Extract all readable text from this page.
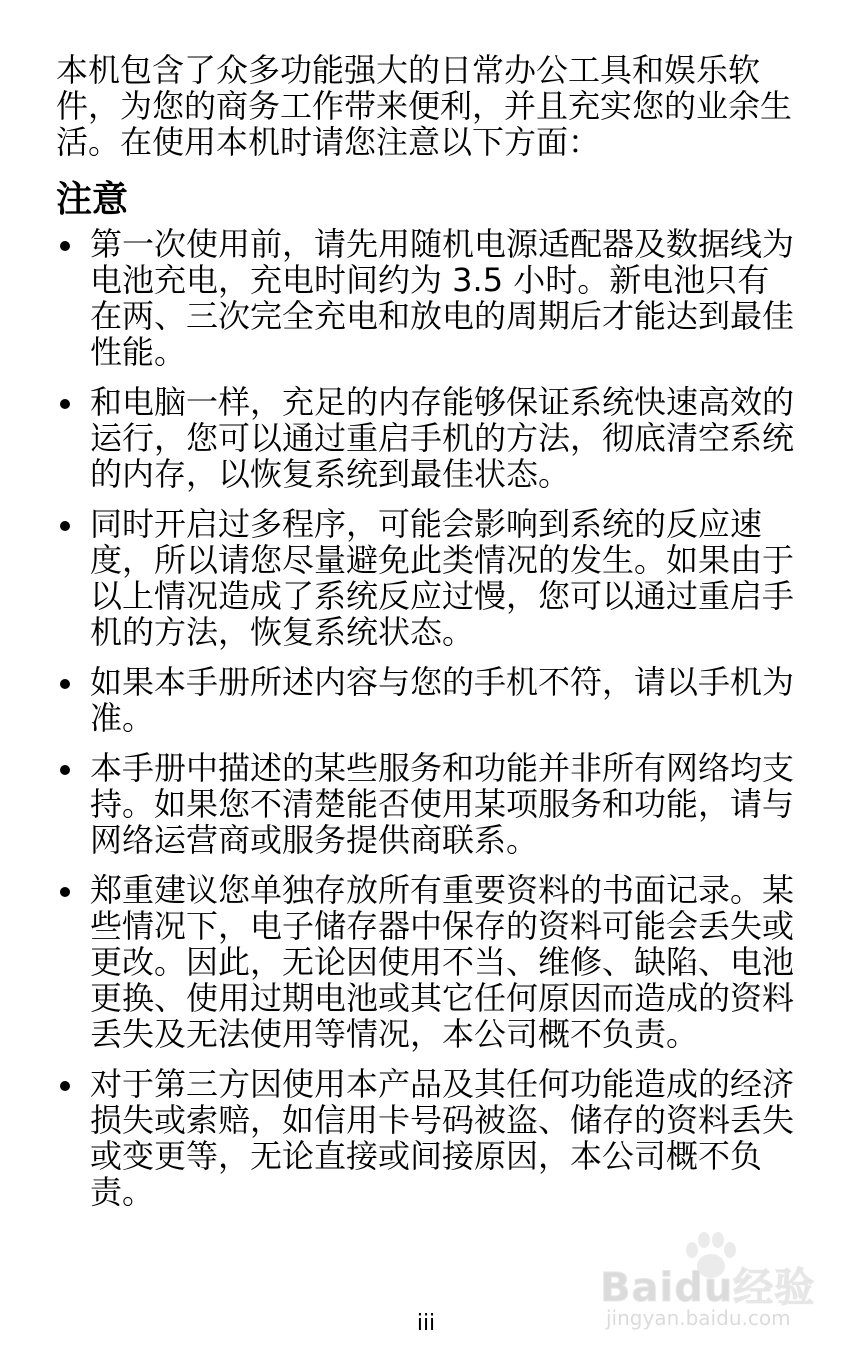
本机包含了众多功能强大的日常办公工具和娱乐软件，为您的商务工作带来便利，并且充实您的业余生活。在使用本机时请您注意以下方面：

注意
第一次使用前，请先用随机电源适配器及数据线为电池充电，充电时间约为 3.5 小时。新电池只有在两、三次完全充电和放电的周期后才能达到最佳性能。
和电脑一样，充足的内存能够保证系统快速高效的运行，您可以通过重启手机的方法，彻底清空系统的内存，以恢复系统到最佳状态。
同时开启过多程序，可能会影响到系统的反应速度，所以请您尽量避免此类情况的发生。如果由于以上情况造成了系统反应过慢，您可以通过重启手机的方法，恢复系统状态。
如果本手册所述内容与您的手机不符，请以手机为准。
本手册中描述的某些服务和功能并非所有网络均支持。如果您不清楚能否使用某项服务和功能，请与网络运营商或服务提供商联系。
郑重建议您单独存放所有重要资料的书面记录。某些情况下，电子储存器中保存的资料可能会丢失或更改。因此，无论因使用不当、维修、缺陷、电池更换、使用过期电池或其它任何原因而造成的资料丢失及无法使用等情况，本公司概不负责。
对于第三方因使用本产品及其任何功能造成的经济损失或索赔，如信用卡号码被盗、储存的资料丢失或变更等，无论直接或间接原因，本公司概不负责。
Baidu经验
jingyan.baidu.com
iii
